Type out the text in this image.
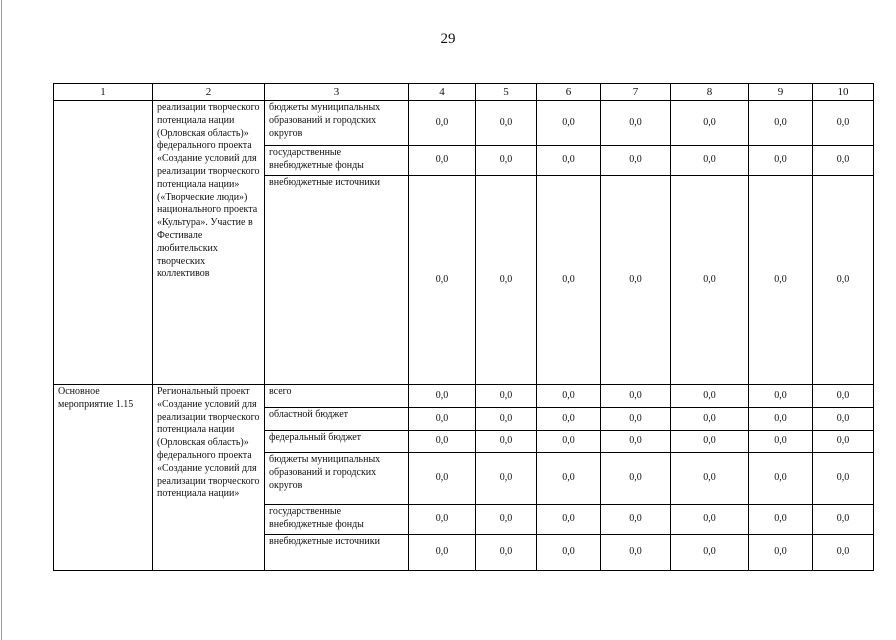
29
1	2	3	4	5	6	7	8	9	10
	реализации творческого потенциала нации (Орловская область)» федерального проекта «Создание условий для реализации творческого потенциала нации» («Творческие люди») национального проекта «Культура». Участие в Фестивале любительских творческих коллективов	бюджеты муниципальных образований и городских округов	0,0	0,0	0,0	0,0	0,0	0,0	0,0
		государственные внебюджетные фонды	0,0	0,0	0,0	0,0	0,0	0,0	0,0
		внебюджетные источники	0,0	0,0	0,0	0,0	0,0	0,0	0,0
Основное мероприятие 1.15	Региональный проект «Создание условий для реализации творческого потенциала нации (Орловская область)» федерального проекта «Создание условий для реализации творческого потенциала нации»	всего	0,0	0,0	0,0	0,0	0,0	0,0	0,0
		областной бюджет	0,0	0,0	0,0	0,0	0,0	0,0	0,0
		федеральный бюджет	0,0	0,0	0,0	0,0	0,0	0,0	0,0
		бюджеты муниципальных образований и городских округов	0,0	0,0	0,0	0,0	0,0	0,0	0,0
		государственные внебюджетные фонды	0,0	0,0	0,0	0,0	0,0	0,0	0,0
		внебюджетные источники	0,0	0,0	0,0	0,0	0,0	0,0	0,0
